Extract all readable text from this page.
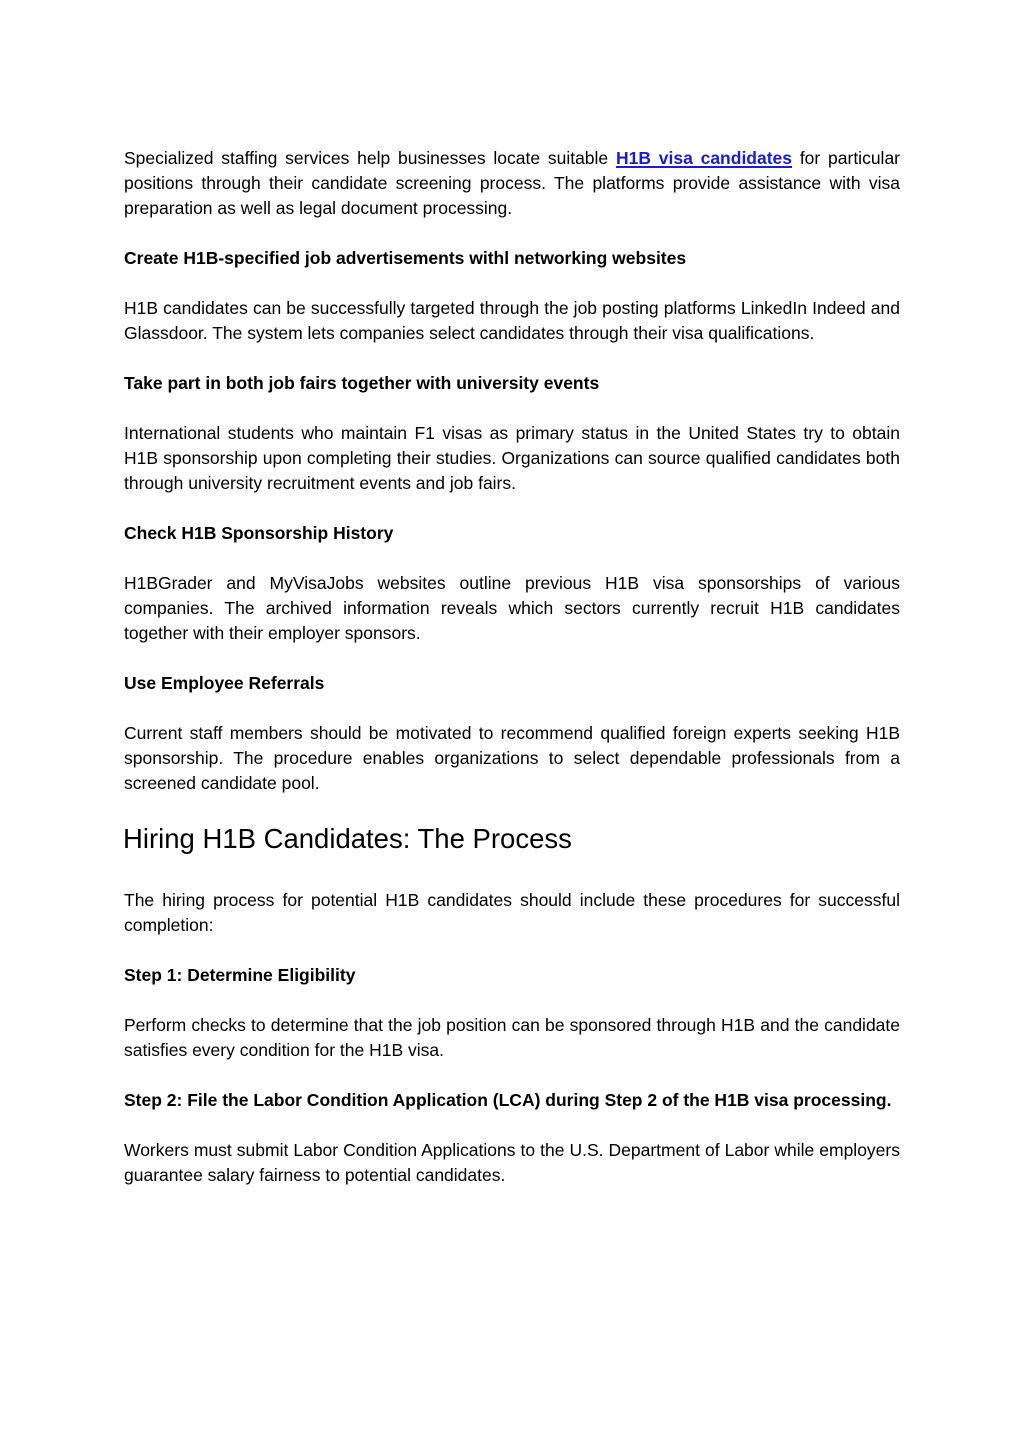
Specialized staffing services help businesses locate suitable H1B visa candidates for particular positions through their candidate screening process. The platforms provide assistance with visa preparation as well as legal document processing.

Create H1B-specified job advertisements withl networking websites

H1B candidates can be successfully targeted through the job posting platforms LinkedIn Indeed and Glassdoor. The system lets companies select candidates through their visa qualifications.

Take part in both job fairs together with university events

International students who maintain F1 visas as primary status in the United States try to obtain H1B sponsorship upon completing their studies. Organizations can source qualified candidates both through university recruitment events and job fairs.

Check H1B Sponsorship History

H1BGrader and MyVisaJobs websites outline previous H1B visa sponsorships of various companies. The archived information reveals which sectors currently recruit H1B candidates together with their employer sponsors.

Use Employee Referrals

Current staff members should be motivated to recommend qualified foreign experts seeking H1B sponsorship. The procedure enables organizations to select dependable professionals from a screened candidate pool.

Hiring H1B Candidates: The Process

The hiring process for potential H1B candidates should include these procedures for successful completion:

Step 1: Determine Eligibility

Perform checks to determine that the job position can be sponsored through H1B and the candidate satisfies every condition for the H1B visa.

Step 2: File the Labor Condition Application (LCA) during Step 2 of the H1B visa processing.

Workers must submit Labor Condition Applications to the U.S. Department of Labor while employers guarantee salary fairness to potential candidates.
